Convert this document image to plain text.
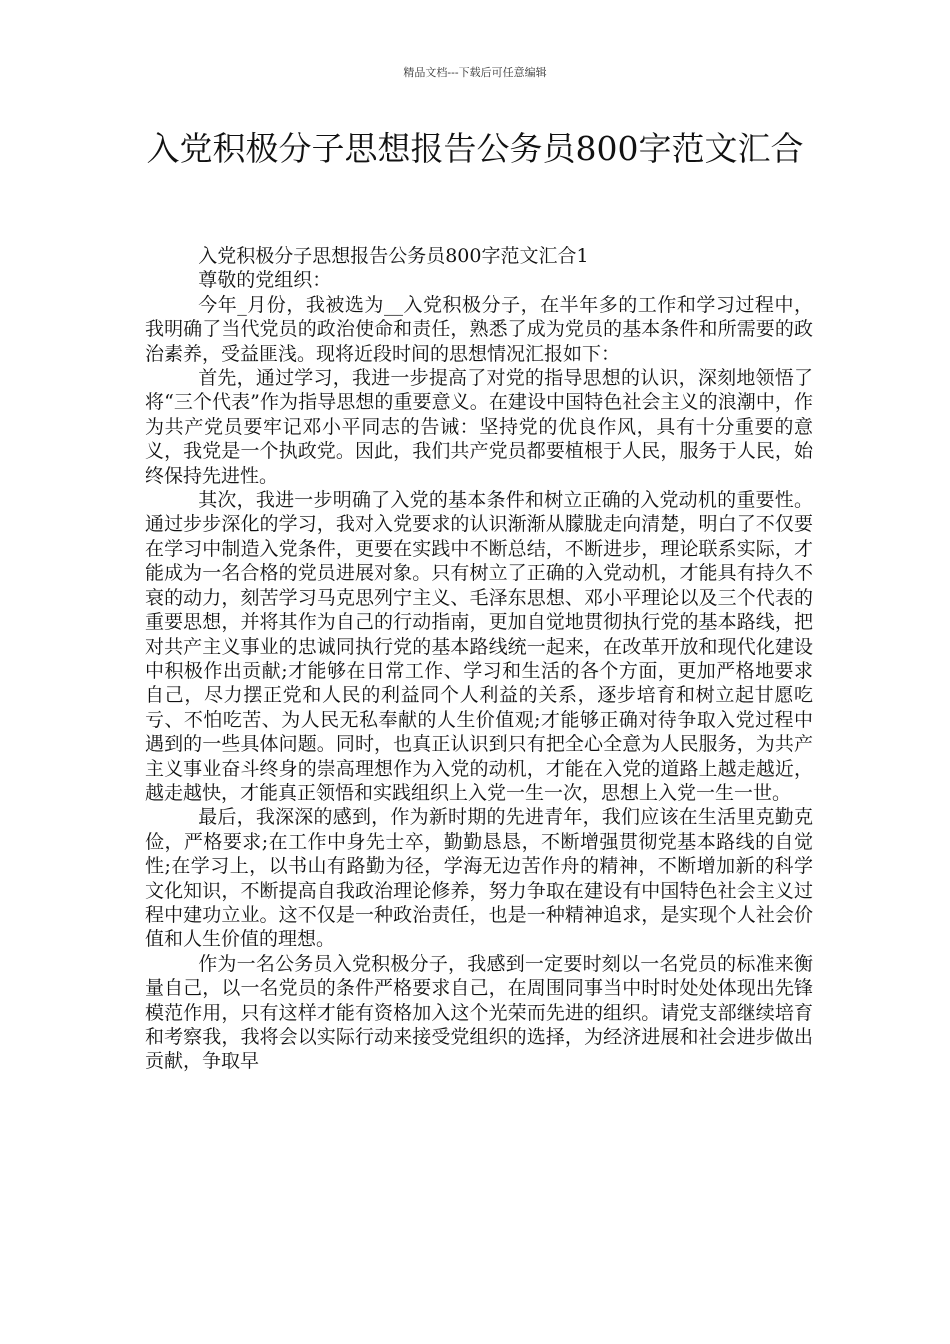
精品文档---下载后可任意编辑
入党积极分子思想报告公务员800字范文汇合

入党积极分子思想报告公务员800字范文汇合1

尊敬的党组织：

今年_月份，我被选为__入党积极分子，在半年多的工作和学习过程中，我明确了当代党员的政治使命和责任，熟悉了成为党员的基本条件和所需要的政治素养，受益匪浅。现将近段时间的思想情况汇报如下：

首先，通过学习，我进一步提高了对党的指导思想的认识，深刻地领悟了将“三个代表”作为指导思想的重要意义。在建设中国特色社会主义的浪潮中，作为共产党员要牢记邓小平同志的告诫：坚持党的优良作风，具有十分重要的意义，我党是一个执政党。因此，我们共产党员都要植根于人民，服务于人民，始终保持先进性。

其次，我进一步明确了入党的基本条件和树立正确的入党动机的重要性。通过步步深化的学习，我对入党要求的认识渐渐从朦胧走向清楚，明白了不仅要在学习中制造入党条件，更要在实践中不断总结，不断进步，理论联系实际，才能成为一名合格的党员进展对象。只有树立了正确的入党动机，才能具有持久不衰的动力，刻苦学习马克思列宁主义、毛泽东思想、邓小平理论以及三个代表的重要思想，并将其作为自己的行动指南，更加自觉地贯彻执行党的基本路线，把对共产主义事业的忠诚同执行党的基本路线统一起来，在改革开放和现代化建设中积极作出贡献;才能够在日常工作、学习和生活的各个方面，更加严格地要求自己，尽力摆正党和人民的利益同个人利益的关系，逐步培育和树立起甘愿吃亏、不怕吃苦、为人民无私奉献的人生价值观;才能够正确对待争取入党过程中遇到的一些具体问题。同时，也真正认识到只有把全心全意为人民服务，为共产主义事业奋斗终身的崇高理想作为入党的动机，才能在入党的道路上越走越近，越走越快，才能真正领悟和实践组织上入党一生一次，思想上入党一生一世。

最后，我深深的感到，作为新时期的先进青年，我们应该在生活里克勤克俭，严格要求;在工作中身先士卒，勤勤恳恳，不断增强贯彻党基本路线的自觉性;在学习上，以书山有路勤为径，学海无边苦作舟的精神，不断增加新的科学文化知识，不断提高自我政治理论修养，努力争取在建设有中国特色社会主义过程中建功立业。这不仅是一种政治责任，也是一种精神追求，是实现个人社会价值和人生价值的理想。

作为一名公务员入党积极分子，我感到一定要时刻以一名党员的标准来衡量自己，以一名党员的条件严格要求自己，在周围同事当中时时处处体现出先锋模范作用，只有这样才能有资格加入这个光荣而先进的组织。请党支部继续培育和考察我，我将会以实际行动来接受党组织的选择，为经济进展和社会进步做出贡献，争取早
